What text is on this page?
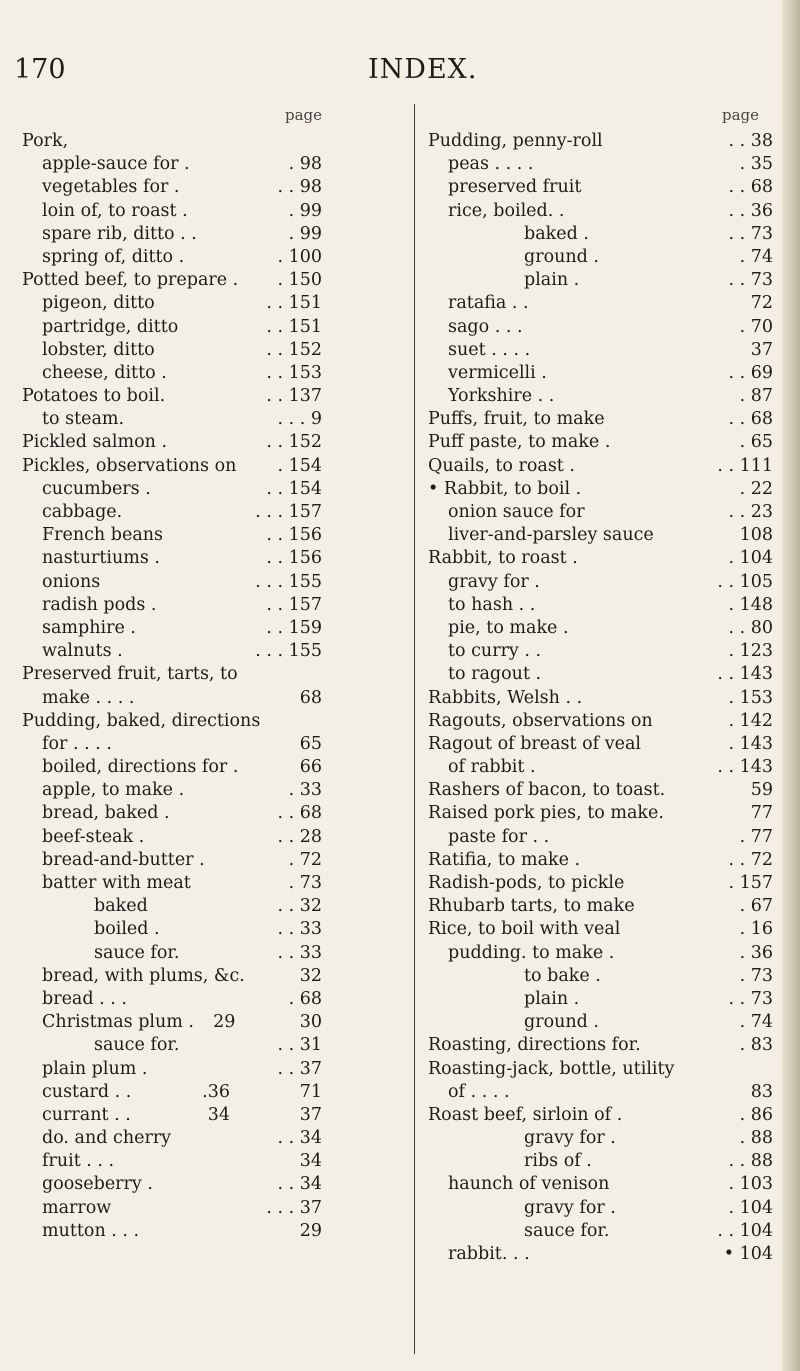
170	INDEX.
page
Pork,
apple-sauce for .	. 98
vegetables for .	. . 98
loin of, to roast .	. 99
spare rib, ditto . .	. 99
spring of, ditto .	. 100
Potted beef, to prepare .	. 150
pigeon, ditto	. . 151
partridge, ditto	. . 151
lobster, ditto	. . 152
cheese, ditto .	. . 153
Potatoes to boil.	. . 137
to steam.	. . . 9
Pickled salmon .	. . 152
Pickles, observations on	. 154
cucumbers .	. . 154
cabbage.	. . . 157
French beans	. . 156
nasturtiums .	. . 156
onions	. . . 155
radish pods .	. . 157
samphire .	. . 159
walnuts .	. . . 155
Preserved fruit, tarts, to
make . . . .	68
Pudding, baked, directions
for . . . .	65
boiled, directions for .	66
apple, to make .	. 33
bread, baked .	. . 68
beef-steak .	. . 28
bread-and-butter .	. 72
batter with meat	. 73
baked	. . 32
boiled .	. . 33
sauce for.	. . 33
bread, with plums, &c.	32
bread . . .	. 68
Christmas plum .	29	30
sauce for.	. . 31
plain plum .	. . 37
custard . .	.36	71
currant . .	34	37
do. and cherry	. . 34
fruit . . .	34
gooseberry .	. . 34
marrow	. . . 37
mutton . . .	29
page
Pudding, penny-roll	. . 38
peas . . . .	. 35
preserved fruit	. . 68
rice, boiled. .	. . 36
baked .	. . 73
ground .	. 74
plain .	. . 73
ratafia . .	72
sago . . .	. 70
suet . . . .	37
vermicelli .	. . 69
Yorkshire . .	. 87
Puffs, fruit, to make	. . 68
Puff paste, to make .	. 65
Quails, to roast .	. . 111
• Rabbit, to boil .	. 22
onion sauce for	. . 23
liver-and-parsley sauce	108
Rabbit, to roast .	. 104
gravy for .	. . 105
to hash . .	. 148
pie, to make .	. . 80
to curry . .	. 123
to ragout .	. . 143
Rabbits, Welsh . .	. 153
Ragouts, observations on	. 142
Ragout of breast of veal	. 143
of rabbit .	. . 143
Rashers of bacon, to toast.	59
Raised pork pies, to make.	77
paste for . .	. 77
Ratifia, to make .	. . 72
Radish-pods, to pickle	. 157
Rhubarb tarts, to make	. 67
Rice, to boil with veal	. 16
pudding. to make .	. 36
to bake .	. 73
plain .	. . 73
ground .	. 74
Roasting, directions for.	. 83
Roasting-jack, bottle, utility
of . . . .	83
Roast beef, sirloin of .	. 86
gravy for .	. 88
ribs of .	. . 88
haunch of venison	. 103
gravy for .	. 104
sauce for.	. . 104
rabbit. . .	• 104
